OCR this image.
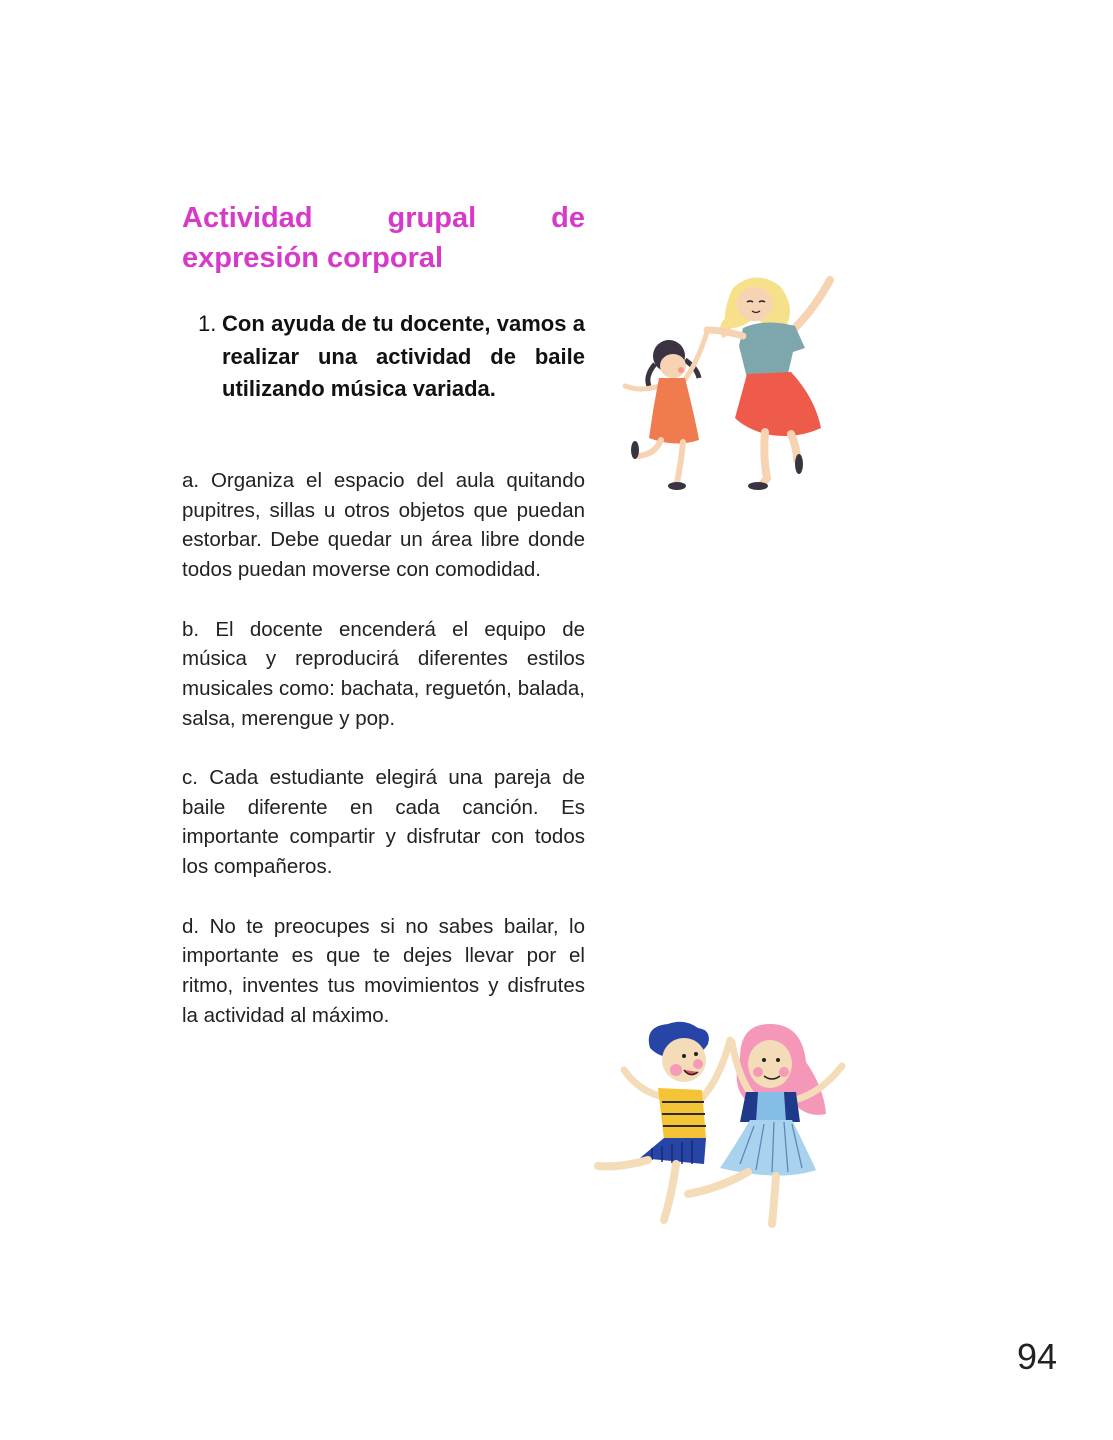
Actividad grupal de expresión corporal
1. Con ayuda de tu docente, vamos a realizar una actividad de baile utilizando música variada.

a. Organiza el espacio del aula quitando pupitres, sillas u otros objetos que puedan estorbar. Debe quedar un área libre donde todos puedan moverse con comodidad.

b. El docente encenderá el equipo de música y reproducirá diferentes estilos musicales como: bachata, reguetón, balada, salsa, merengue y pop.

c. Cada estudiante elegirá una pareja de baile diferente en cada canción. Es importante compartir y disfrutar con todos los compañeros.

d. No te preocupes si no sabes bailar, lo importante es que te dejes llevar por el ritmo, inventes tus movimientos y disfrutes la actividad al máximo.

94
